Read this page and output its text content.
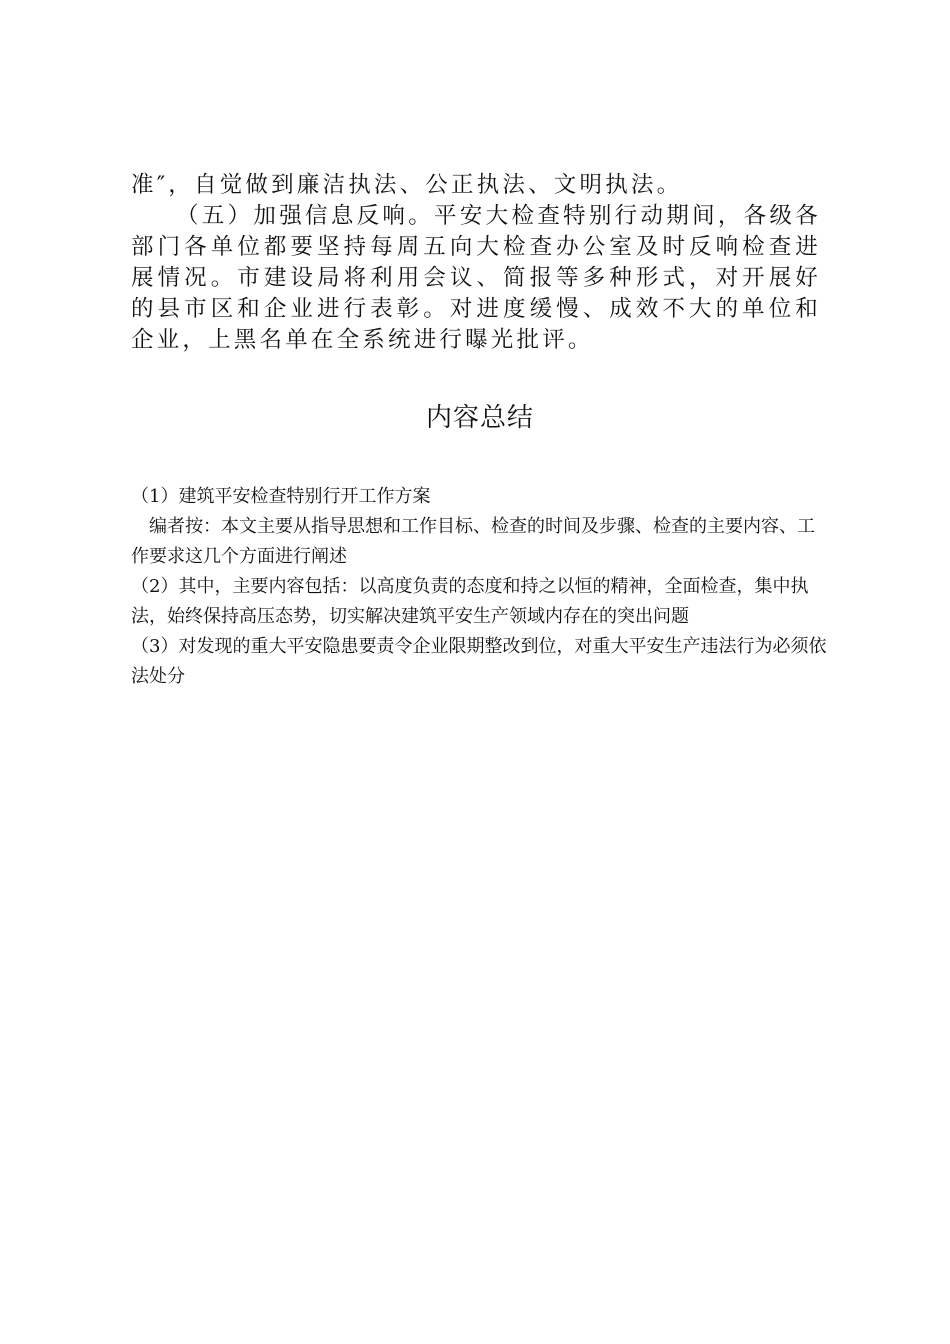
准″，自觉做到廉洁执法、公正执法、文明执法。

（五）加强信息反响。平安大检查特别行动期间，各级各部门各单位都要坚持每周五向大检查办公室及时反响检查进展情况。市建设局将利用会议、简报等多种形式，对开展好的县市区和企业进行表彰。对进度缓慢、成效不大的单位和企业，上黑名单在全系统进行曝光批评。

内容总结

（1）建筑平安检查特别行开工作方案

编者按：本文主要从指导思想和工作目标、检查的时间及步骤、检查的主要内容、工作要求这几个方面进行阐述

（2）其中，主要内容包括：以高度负责的态度和持之以恒的精神，全面检查，集中执法，始终保持高压态势，切实解决建筑平安生产领域内存在的突出问题

（3）对发现的重大平安隐患要责令企业限期整改到位，对重大平安生产违法行为必须依法处分
